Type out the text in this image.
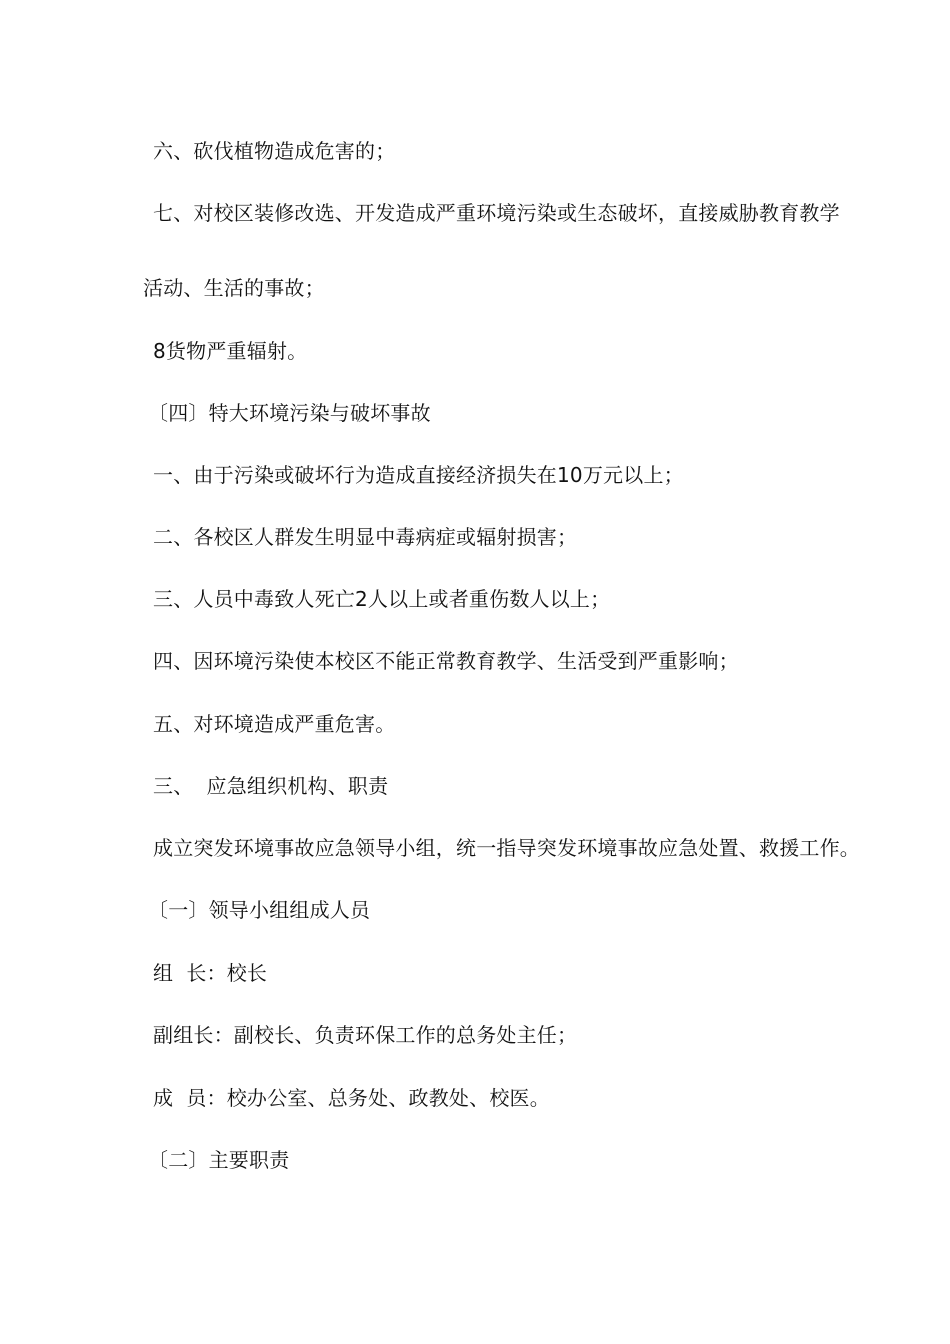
六、砍伐植物造成危害的；
七、对校区装修改选、开发造成严重环境污染或生态破坏，直接威胁教育教学
活动、生活的事故；
8货物严重辐射。
〔四〕特大环境污染与破坏事故
一、由于污染或破坏行为造成直接经济损失在10万元以上；
二、各校区人群发生明显中毒病症或辐射损害；
三、人员中毒致人死亡2人以上或者重伤数人以上；
四、因环境污染使本校区不能正常教育教学、生活受到严重影响；
五、对环境造成严重危害。
三、  应急组织机构、职责
成立突发环境事故应急领导小组，统一指导突发环境事故应急处置、救援工作。
〔一〕领导小组组成人员
组  长：校长
副组长：副校长、负责环保工作的总务处主任；
成  员：校办公室、总务处、政教处、校医。
〔二〕主要职责
